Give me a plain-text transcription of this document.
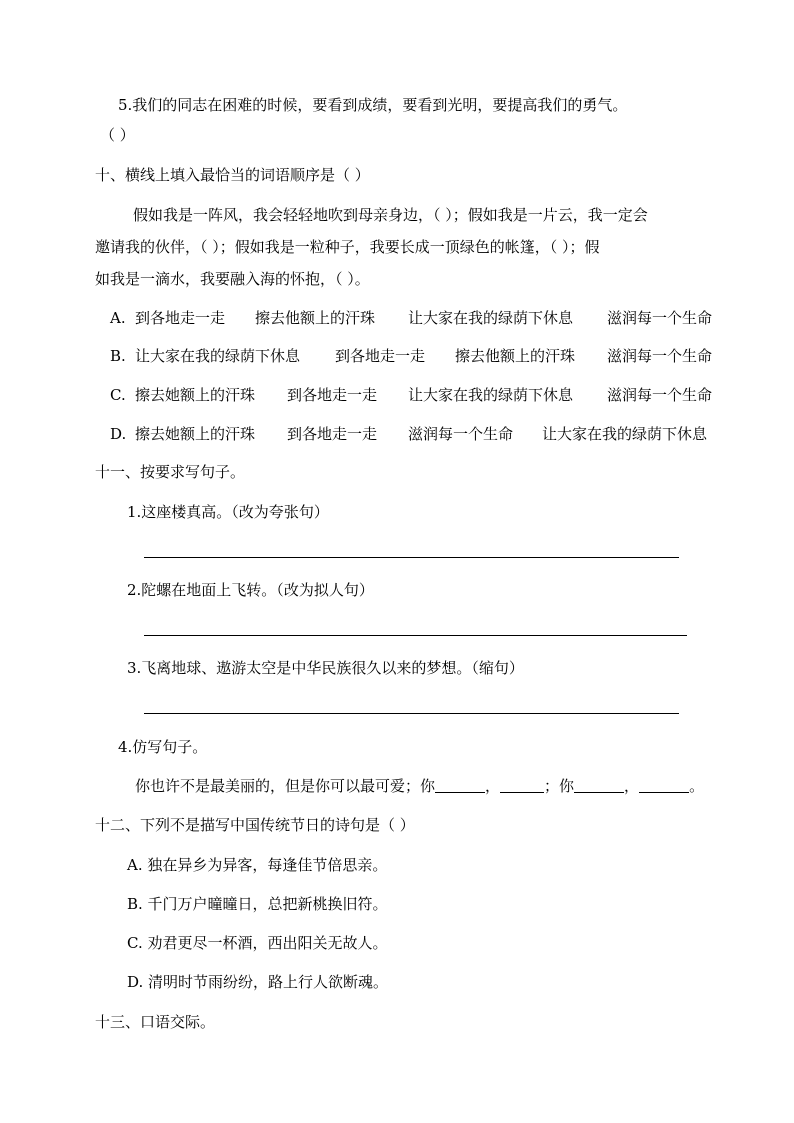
5.我们的同志在困难的时候，要看到成绩，要看到光明，要提高我们的勇气。
（ ）
十、横线上填入最恰当的词语顺序是（ ）
假如我是一阵风，我会轻轻地吹到母亲身边，（ ）；假如我是一片云，我一定会
邀请我的伙伴，（ ）；假如我是一粒种子，我要长成一顶绿色的帐篷，（ ）；假
如我是一滴水，我要融入海的怀抱，（ ）。
A. 到各地走一走 擦去他额上的汗珠 让大家在我的绿荫下休息 滋润每一个生命
B. 让大家在我的绿荫下休息 到各地走一走 擦去他额上的汗珠 滋润每一个生命
C. 擦去她额上的汗珠 到各地走一走 让大家在我的绿荫下休息 滋润每一个生命
D. 擦去她额上的汗珠 到各地走一走 滋润每一个生命 让大家在我的绿荫下休息
十一、按要求写句子。
1.这座楼真高。（改为夸张句）
2.陀螺在地面上飞转。（改为拟人句）
3.飞离地球、遨游太空是中华民族很久以来的梦想。（缩句）
4.仿写句子。
你也许不是最美丽的，但是你可以最可爱；你	，	；你	，	。
十二、下列不是描写中国传统节日的诗句是（ ）
A. 独在异乡为异客，每逢佳节倍思亲。
B. 千门万户曈曈日，总把新桃换旧符。
C. 劝君更尽一杯酒，西出阳关无故人。
D. 清明时节雨纷纷，路上行人欲断魂。
十三、口语交际。
